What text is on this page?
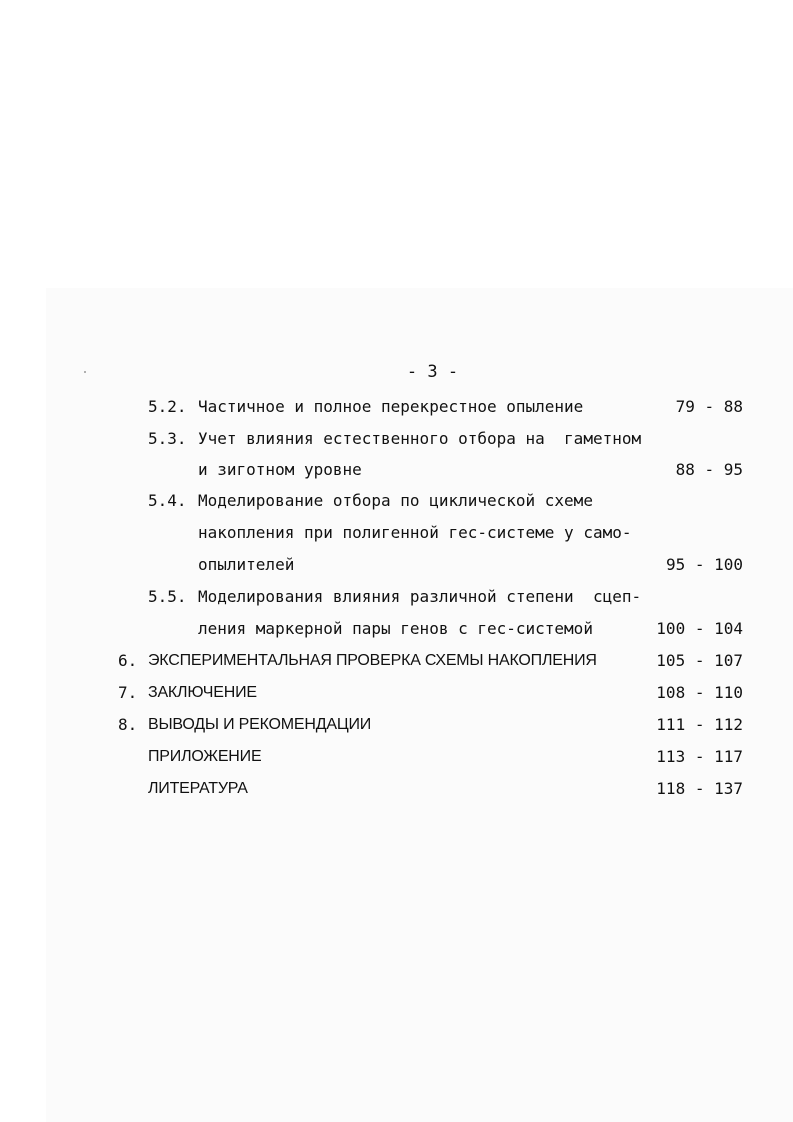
- 3 -
5.2. Частичное и полное перекрестное опыление	79 - 88
5.3. Учет влияния естественного отбора на  гаметном
и зиготном уровне	88 - 95
5.4. Моделирование отбора по циклической схеме
накопления при полигенной гес-системе у само-
опылителей	95 - 100
5.5. Моделирования влияния различной степени  сцеп-
ления маркерной пары генов с гес-системой	100 - 104
6. ЭКСПЕРИМЕНТАЛЬНАЯ ПРОВЕРКА СХЕМЫ НАКОПЛЕНИЯ	105 - 107
7. ЗАКЛЮЧЕНИЕ	108 - 110
8. ВЫВОДЫ И РЕКОМЕНДАЦИИ	111 - 112
ПРИЛОЖЕНИЕ	113 - 117
ЛИТЕРАТУРА	118 - 137
